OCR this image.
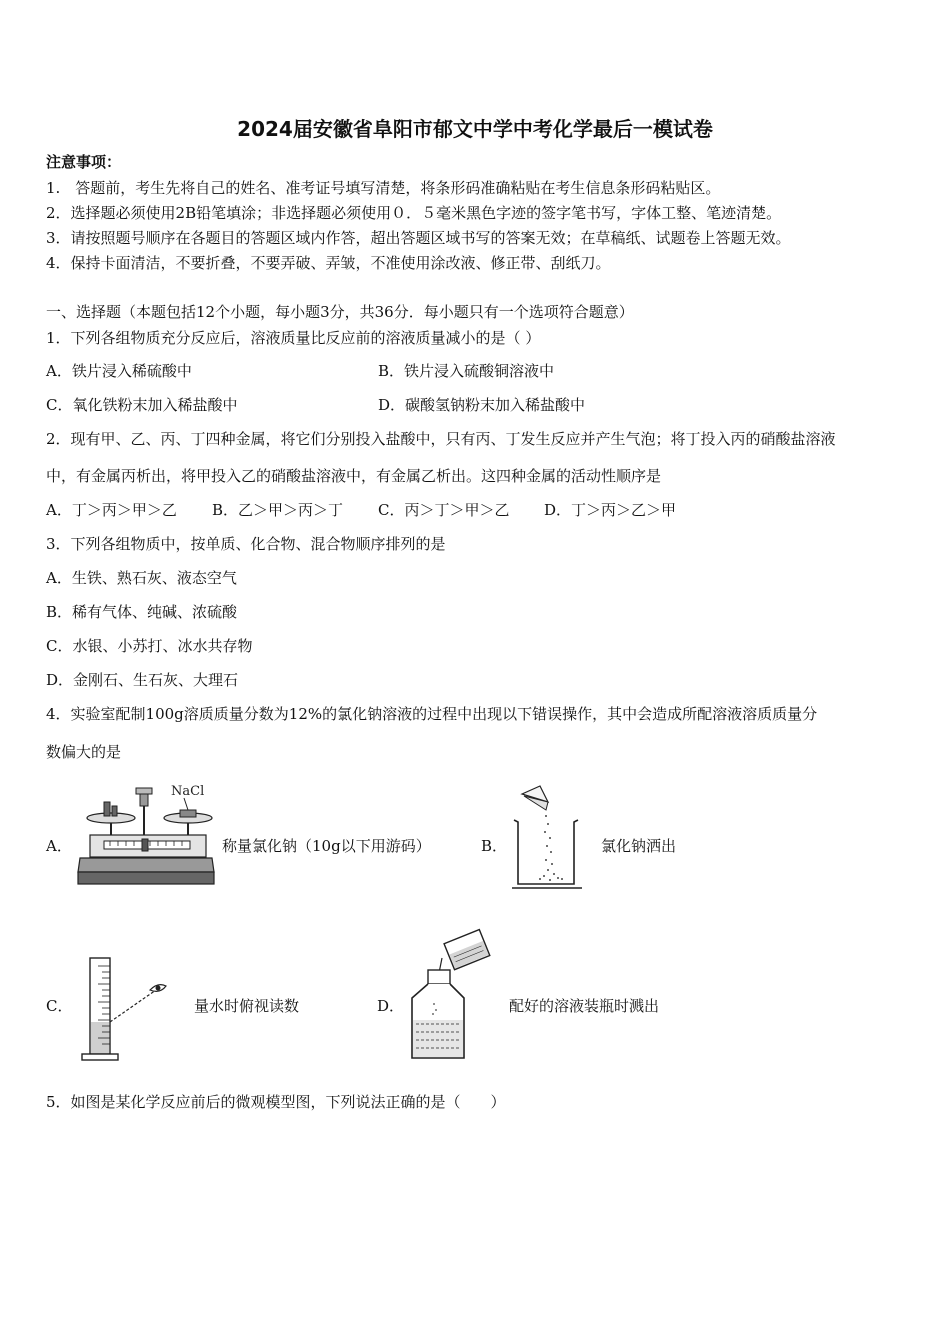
2024届安徽省阜阳市郁文中学中考化学最后一模试卷
注意事项：
1.　答题前，考生先将自己的姓名、准考证号填写清楚，将条形码准确粘贴在考生信息条形码粘贴区。
2．选择题必须使用2B铅笔填涂；非选择题必须使用０．５毫米黑色字迹的签字笔书写，字体工整、笔迹清楚。
3．请按照题号顺序在各题目的答题区域内作答，超出答题区域书写的答案无效；在草稿纸、试题卷上答题无效。
4．保持卡面清洁，不要折叠，不要弄破、弄皱，不准使用涂改液、修正带、刮纸刀。
一、选择题（本题包括12个小题，每小题3分，共36分．每小题只有一个选项符合题意）
1．下列各组物质充分反应后，溶液质量比反应前的溶液质量减小的是（ ）
A．铁片浸入稀硫酸中	B．铁片浸入硫酸铜溶液中
C．氧化铁粉末加入稀盐酸中	D．碳酸氢钠粉末加入稀盐酸中
2．现有甲、乙、丙、丁四种金属，将它们分别投入盐酸中，只有丙、丁发生反应并产生气泡；将丁投入丙的硝酸盐溶液
中，有金属丙析出，将甲投入乙的硝酸盐溶液中，有金属乙析出。这四种金属的活动性顺序是
A．丁＞丙＞甲＞乙 B．乙＞甲＞丙＞丁 C．丙＞丁＞甲＞乙 D．丁＞丙＞乙＞甲
3．下列各组物质中，按单质、化合物、混合物顺序排列的是
A．生铁、熟石灰、液态空气
B．稀有气体、纯碱、浓硫酸
C．水银、小苏打、冰水共存物
D．金刚石、生石灰、大理石
4．实验室配制100g溶质质量分数为12%的氯化钠溶液的过程中出现以下错误操作，其中会造成所配溶液溶质质量分
数偏大的是
A．
NaCl
称量氯化钠（10g以下用游码）	B．	氯化钠洒出
C．	量水时俯视读数	D．	配好的溶液装瓶时溅出
5．如图是某化学反应前后的微观模型图，下列说法正确的是（　　）
